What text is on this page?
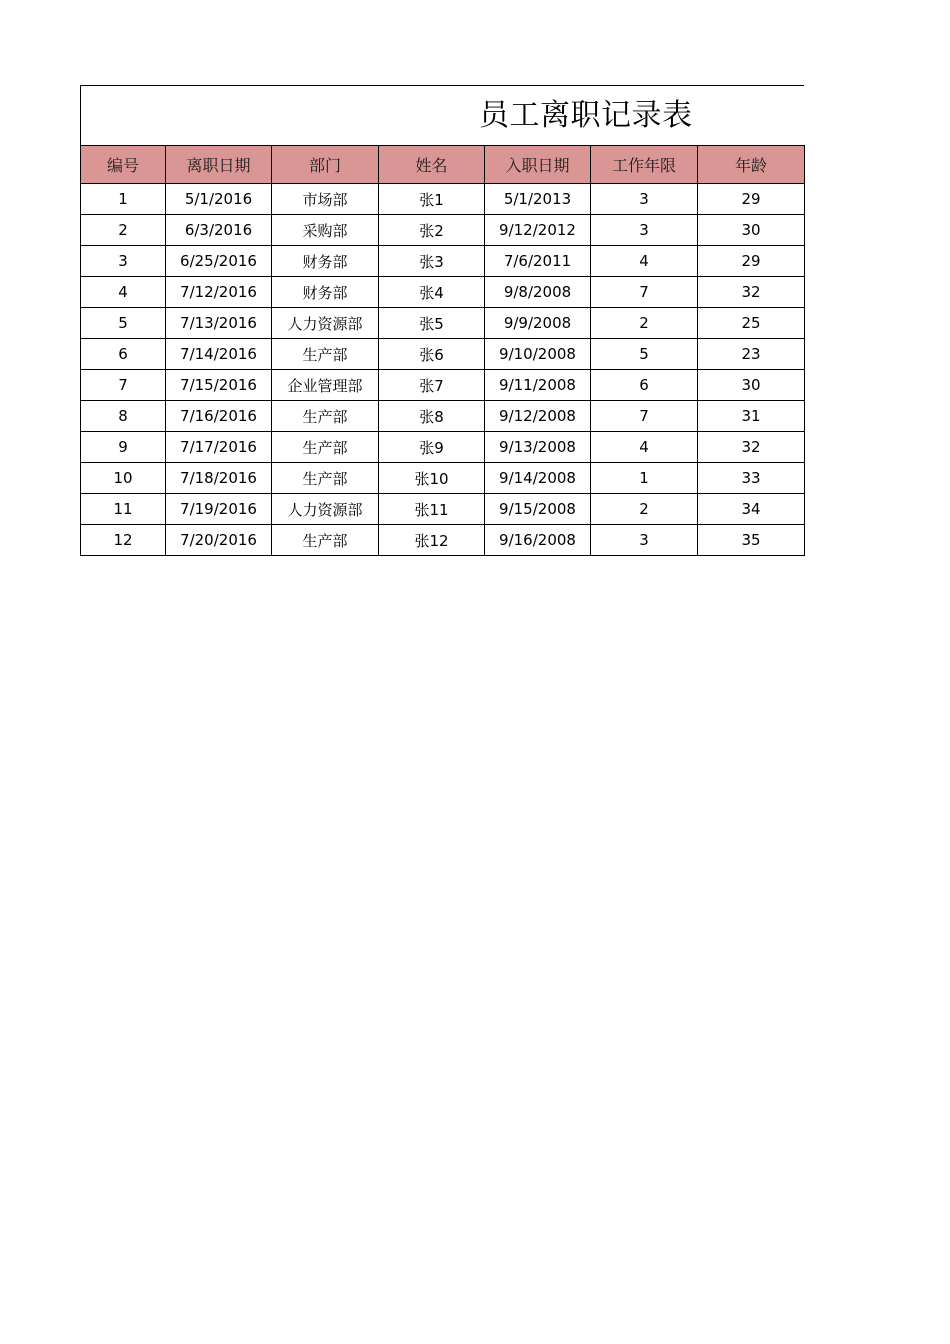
员工离职记录表
编号	离职日期	部门	姓名	入职日期	工作年限	年龄
1	5/1/2016	市场部	张1	5/1/2013	3	29
2	6/3/2016	采购部	张2	9/12/2012	3	30
3	6/25/2016	财务部	张3	7/6/2011	4	29
4	7/12/2016	财务部	张4	9/8/2008	7	32
5	7/13/2016	人力资源部	张5	9/9/2008	2	25
6	7/14/2016	生产部	张6	9/10/2008	5	23
7	7/15/2016	企业管理部	张7	9/11/2008	6	30
8	7/16/2016	生产部	张8	9/12/2008	7	31
9	7/17/2016	生产部	张9	9/13/2008	4	32
10	7/18/2016	生产部	张10	9/14/2008	1	33
11	7/19/2016	人力资源部	张11	9/15/2008	2	34
12	7/20/2016	生产部	张12	9/16/2008	3	35
